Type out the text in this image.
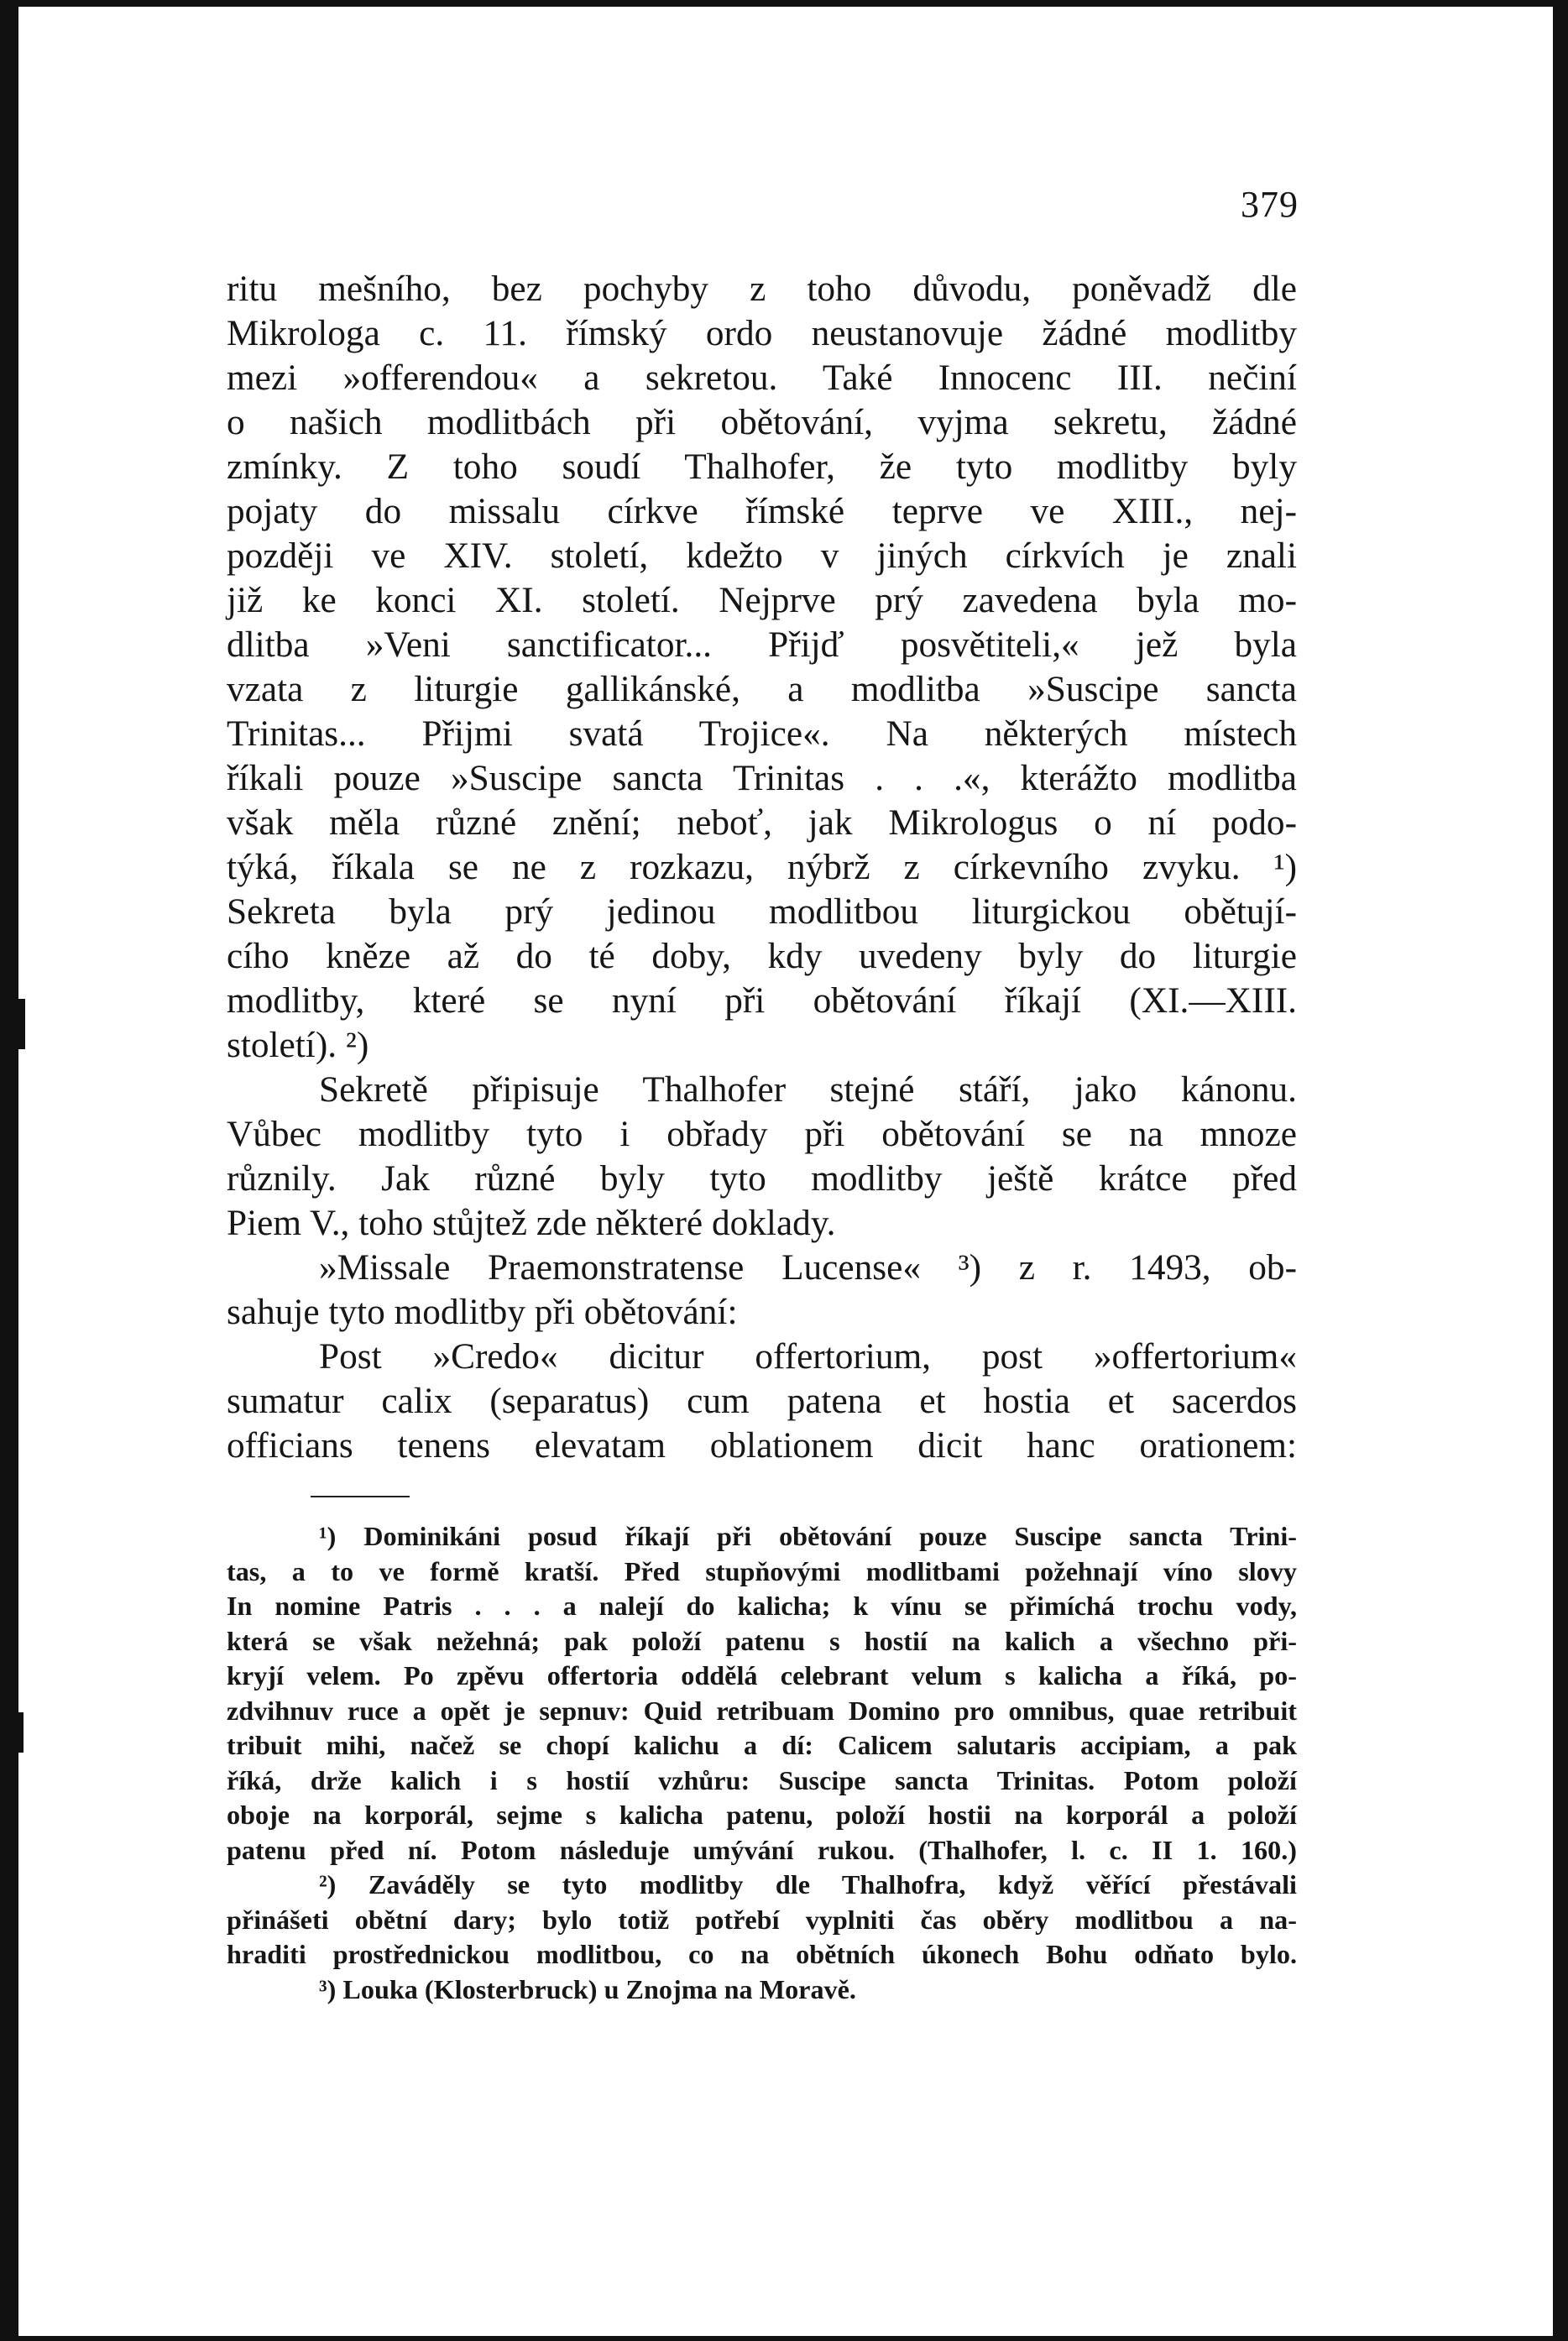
379
ritu mešního, bez pochyby z toho důvodu, poněvadž dle
Mikrologa c. 11. římský ordo neustanovuje žádné modlitby
mezi »offerendou« a sekretou. Také Innocenc III. nečiní
o našich modlitbách při obětování, vyjma sekretu, žádné
zmínky. Z toho soudí Thalhofer, že tyto modlitby byly
pojaty do missalu církve římské teprve ve XIII., nej-
později ve XIV. století, kdežto v jiných církvích je znali
již ke konci XI. století. Nejprve prý zavedena byla mo-
dlitba »Veni sanctificator... Přijď posvětiteli,« jež byla
vzata z liturgie gallikánské, a modlitba »Suscipe sancta
Trinitas... Přijmi svatá Trojice«. Na některých místech
říkali pouze »Suscipe sancta Trinitas . . .«, kterážto modlitba
však měla různé znění; neboť, jak Mikrologus o ní podo-
týká, říkala se ne z rozkazu, nýbrž z církevního zvyku. ¹)
Sekreta byla prý jedinou modlitbou liturgickou obětují-
cího kněze až do té doby, kdy uvedeny byly do liturgie
modlitby, které se nyní při obětování říkají (XI.—XIII.
století). ²)
Sekretě připisuje Thalhofer stejné stáří, jako kánonu.
Vůbec modlitby tyto i obřady při obětování se na mnoze
různily. Jak různé byly tyto modlitby ještě krátce před
Piem V., toho stůjtež zde některé doklady.
»Missale Praemonstratense Lucense« ³) z r. 1493, ob-
sahuje tyto modlitby při obětování:
Post »Credo« dicitur offertorium, post »offertorium«
sumatur calix (separatus) cum patena et hostia et sacerdos
officians tenens elevatam oblationem dicit hanc orationem:
¹) Dominikáni posud říkají při obětování pouze Suscipe sancta Trini-
tas, a to ve formě kratší. Před stupňovými modlitbami požehnají víno slovy
In nomine Patris . . . a nalejí do kalicha; k vínu se přimíchá trochu vody,
která se však nežehná; pak položí patenu s hostií na kalich a všechno při-
kryjí velem. Po zpěvu offertoria oddělá celebrant velum s kalicha a říká, po-
zdvihnuv ruce a opět je sepnuv: Quid retribuam Domino pro omnibus, quae retribuit
tribuit mihi, načež se chopí kalichu a dí: Calicem salutaris accipiam, a pak
říká, drže kalich i s hostií vzhůru: Suscipe sancta Trinitas. Potom položí
oboje na korporál, sejme s kalicha patenu, položí hostii na korporál a položí
patenu před ní. Potom následuje umývání rukou. (Thalhofer, l. c. II 1. 160.)
²) Zaváděly se tyto modlitby dle Thalhofra, když věřící přestávali
přinášeti obětní dary; bylo totiž potřebí vyplniti čas oběry modlitbou a na-
hraditi prostřednickou modlitbou, co na obětních úkonech Bohu odňato bylo.
³) Louka (Klosterbruck) u Znojma na Moravě.
